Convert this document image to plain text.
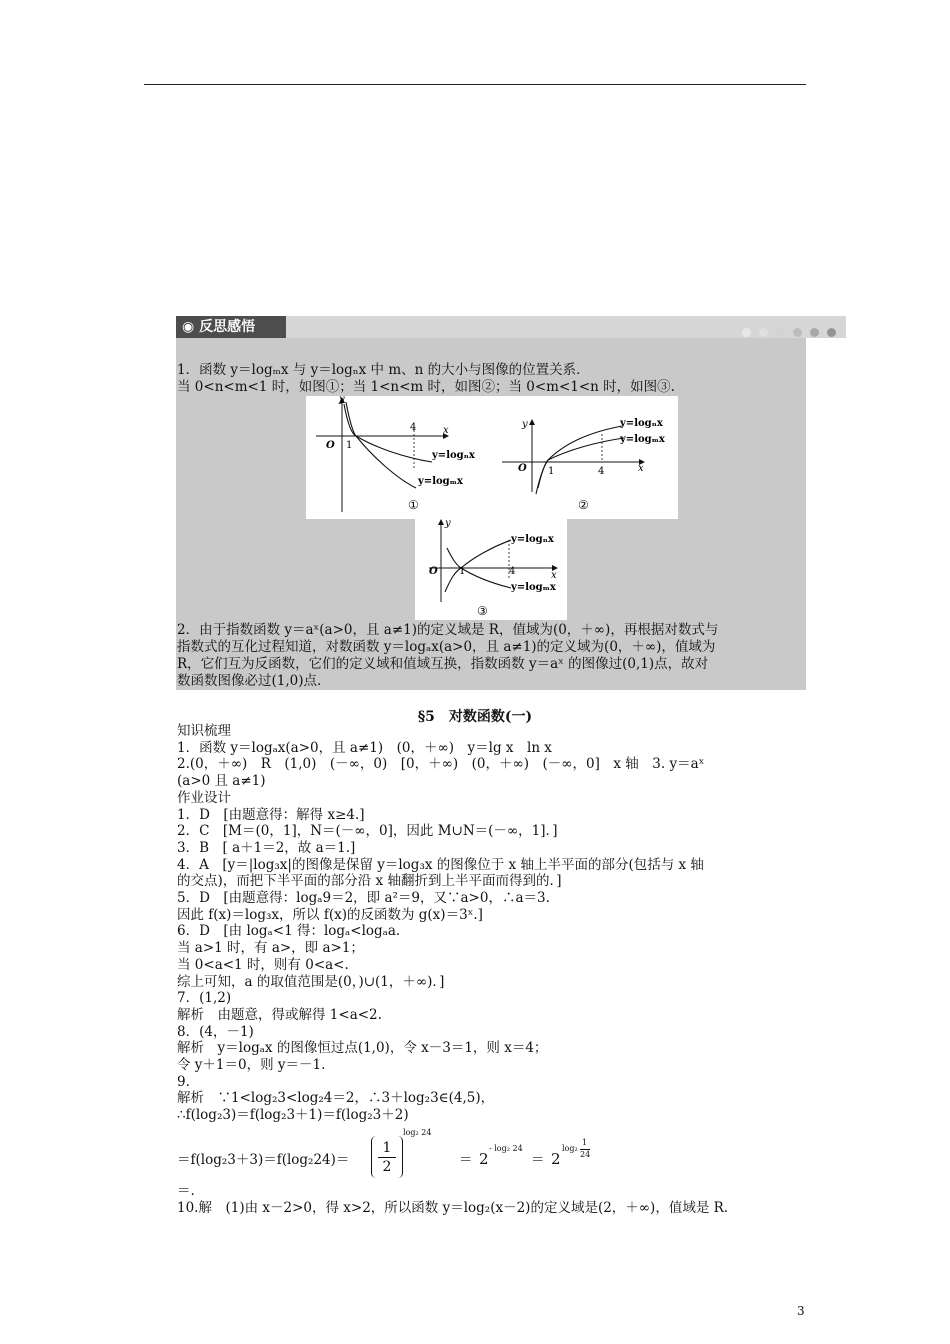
◉ 反思感悟
1．函数 y＝logₘx 与 y＝logₙx 中 m、n 的大小与图像的位置关系．
当 0<n<m<1 时，如图①；当 1<n<m 时，如图②；当 0<m<1<n 时，如图③.
y
x
O 1
4
y=logₙx
y=logₘx
①
y
x
O 1	4
y=logₙx
y=logₘx
②
y
x
O 1	4
y=logₙx
y=logₘx
③
2．由于指数函数 y＝aˣ(a>0，且 a≠1)的定义域是 R，值域为(0，＋∞)，再根据对数式与
指数式的互化过程知道，对数函数 y＝logₐx(a>0，且 a≠1)的定义域为(0，＋∞)，值域为
R，它们互为反函数，它们的定义域和值域互换，指数函数 y＝aˣ 的图像过(0,1)点，故对
数函数图像必过(1,0)点.
§5　对数函数(一)
知识梳理
1．函数 y＝logₐx(a>0，且 a≠1)　(0，＋∞)　y＝lg x　ln x
2.(0，＋∞)　R　(1,0)　(－∞，0)　[0，＋∞)　(0，＋∞)　(－∞，0]　x 轴　3. y＝aˣ
(a>0 且 a≠1)
作业设计
1．D　[由题意得：解得 x≥4.]
2．C　[M＝(0，1]，N＝(－∞，0]，因此 M∪N＝(－∞，1]．]
3．B　[ a＋1＝2，故 a＝1.]
4．A　[y＝|log₃x|的图像是保留 y＝log₃x 的图像位于 x 轴上半平面的部分(包括与 x 轴
的交点)，而把下半平面的部分沿 x 轴翻折到上半平面而得到的．]
5．D　[由题意得：logₐ9＝2，即 a²＝9，又∵a>0，∴a＝3.
因此 f(x)＝log₃x，所以 f(x)的反函数为 g(x)＝3ˣ.]
6．D　[由 logₐ<1 得：logₐ<logₐa.
当 a>1 时，有 a>，即 a>1；
当 0<a<1 时，则有 0<a<.
综上可知，a 的取值范围是(0，)∪(1，＋∞)．]
7．(1,2)
解析　由题意，得或解得 1<a<2.
8．(4，－1)
解析　y＝logₐx 的图像恒过点(1,0)，令 x－3＝1，则 x＝4；
令 y＋1＝0，则 y＝－1.
9.
解析　∵1<log₂3<log₂4＝2，∴3＋log₂3∈(4,5)，
∴f(log₂3)＝f(log₂3＋1)＝f(log₂3＋2)
＝f(log₂3＋3)＝f(log₂24)＝
1
2
log₂ 24
＝ 2
- log₂ 24
＝ 2
log₂
1
24
＝.
10.解　(1)由 x－2>0，得 x>2，所以函数 y＝log₂(x－2)的定义域是(2，＋∞)，值域是 R.
3
